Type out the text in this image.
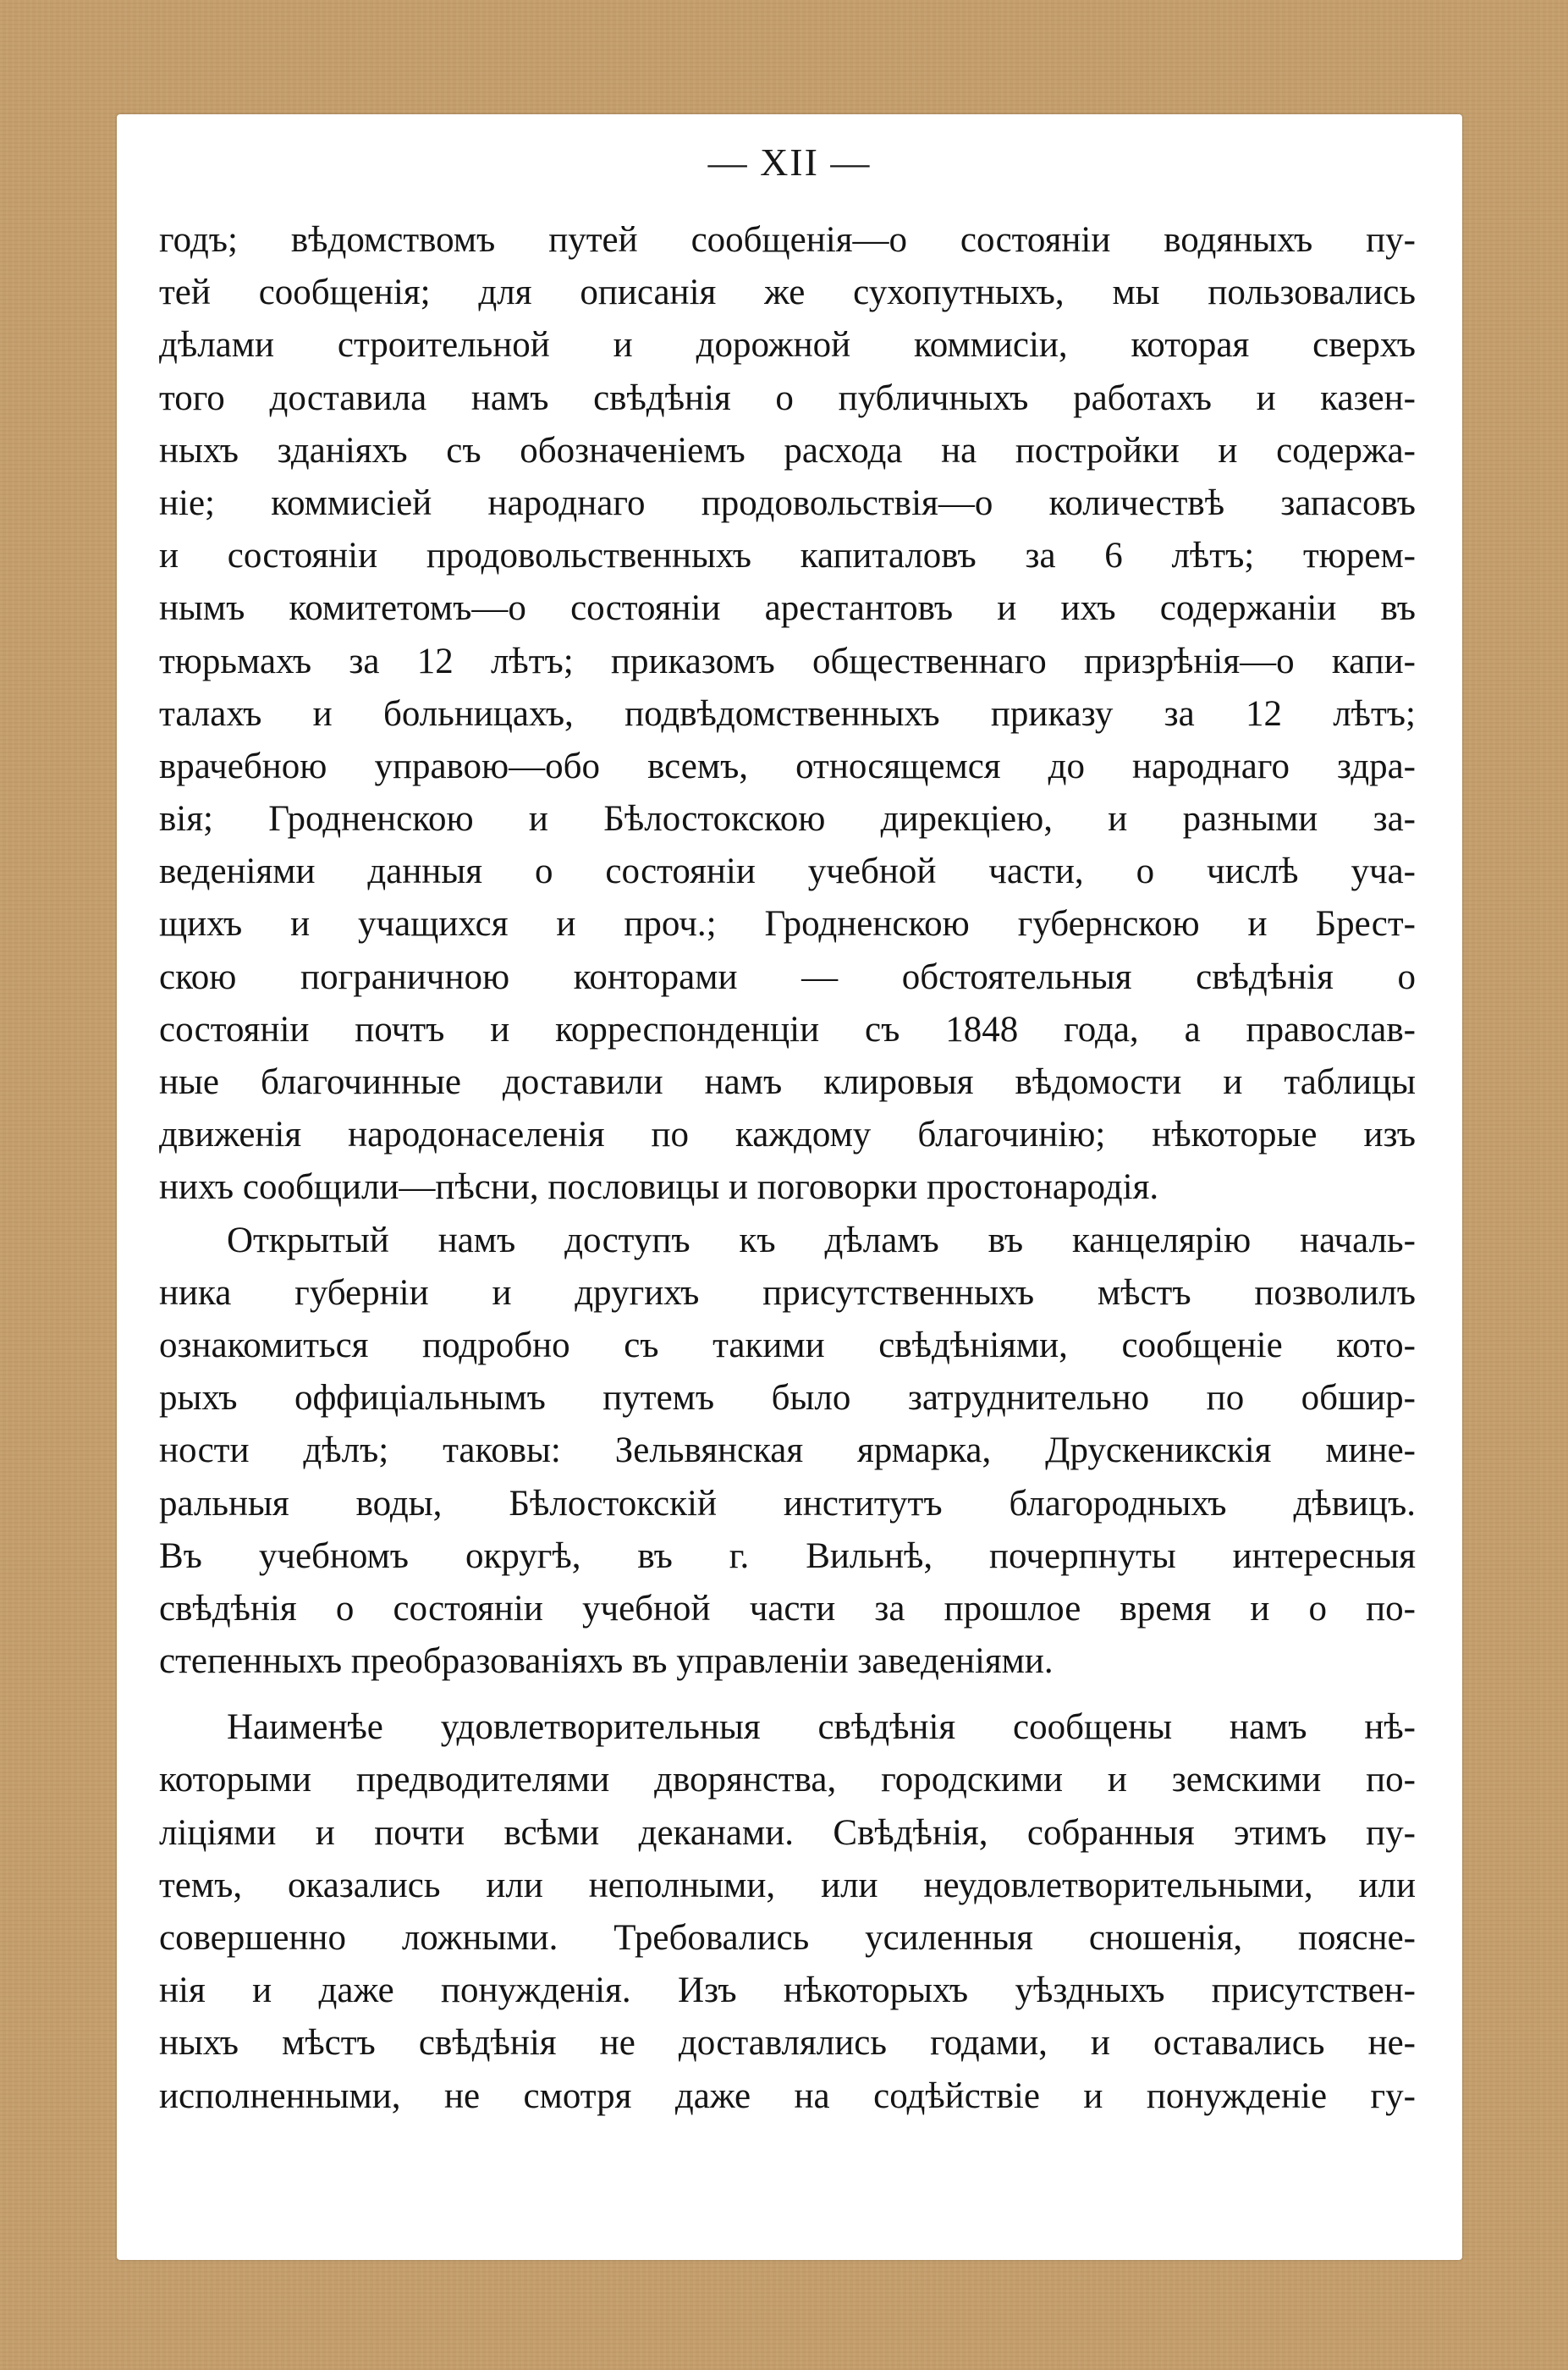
— XII —
годъ; вѣдомствомъ путей сообщенія—о состояніи водяныхъ пу-
тей сообщенія; для описанія же сухопутныхъ, мы пользовались
дѣлами строительной и дорожной коммисіи, которая сверхъ
того доставила намъ свѣдѣнія о публичныхъ работахъ и казен-
ныхъ зданіяхъ съ обозначеніемъ расхода на постройки и содержа-
ніе; коммисіей народнаго продовольствія—о количествѣ запасовъ
и состояніи продовольственныхъ капиталовъ за 6 лѣтъ; тюрем-
нымъ комитетомъ—о состояніи арестантовъ и ихъ содержаніи въ
тюрьмахъ за 12 лѣтъ; приказомъ общественнаго призрѣнія—о капи-
талахъ и больницахъ, подвѣдомственныхъ приказу за 12 лѣтъ;
врачебною управою—обо всемъ, относящемся до народнаго здра-
вія; Гродненскою и Бѣлостокскою дирекціею, и разными за-
веденіями данныя о состояніи учебной части, о числѣ уча-
щихъ и учащихся и проч.; Гродненскою губернскою и Брест-
скою пограничною конторами — обстоятельныя свѣдѣнія о
состояніи почтъ и корреспонденціи съ 1848 года, а православ-
ные благочинные доставили намъ клировыя вѣдомости и таблицы
движенія народонаселенія по каждому благочинію; нѣкоторые изъ
нихъ сообщили—пѣсни, пословицы и поговорки простонародія.
Открытый намъ доступъ къ дѣламъ въ канцелярію началь-
ника губерніи и другихъ присутственныхъ мѣстъ позволилъ
ознакомиться подробно съ такими свѣдѣніями, сообщеніе кото-
рыхъ оффиціальнымъ путемъ было затруднительно по обшир-
ности дѣлъ; таковы: Зельвянская ярмарка, Друскеникскія мине-
ральныя воды, Бѣлостокскій институтъ благородныхъ дѣвицъ.
Въ учебномъ округѣ, въ г. Вильнѣ, почерпнуты интересныя
свѣдѣнія о состояніи учебной части за прошлое время и о по-
степенныхъ преобразованіяхъ въ управленіи заведеніями.
Наименѣе удовлетворительныя свѣдѣнія сообщены намъ нѣ-
которыми предводителями дворянства, городскими и земскими по-
ліціями и почти всѣми деканами. Свѣдѣнія, собранныя этимъ пу-
темъ, оказались или неполными, или неудовлетворительными, или
совершенно ложными. Требовались усиленныя сношенія, поясне-
нія и даже понужденія. Изъ нѣкоторыхъ уѣздныхъ присутствен-
ныхъ мѣстъ свѣдѣнія не доставлялись годами, и оставались не-
исполненными, не смотря даже на содѣйствіе и понужденіе гу-
